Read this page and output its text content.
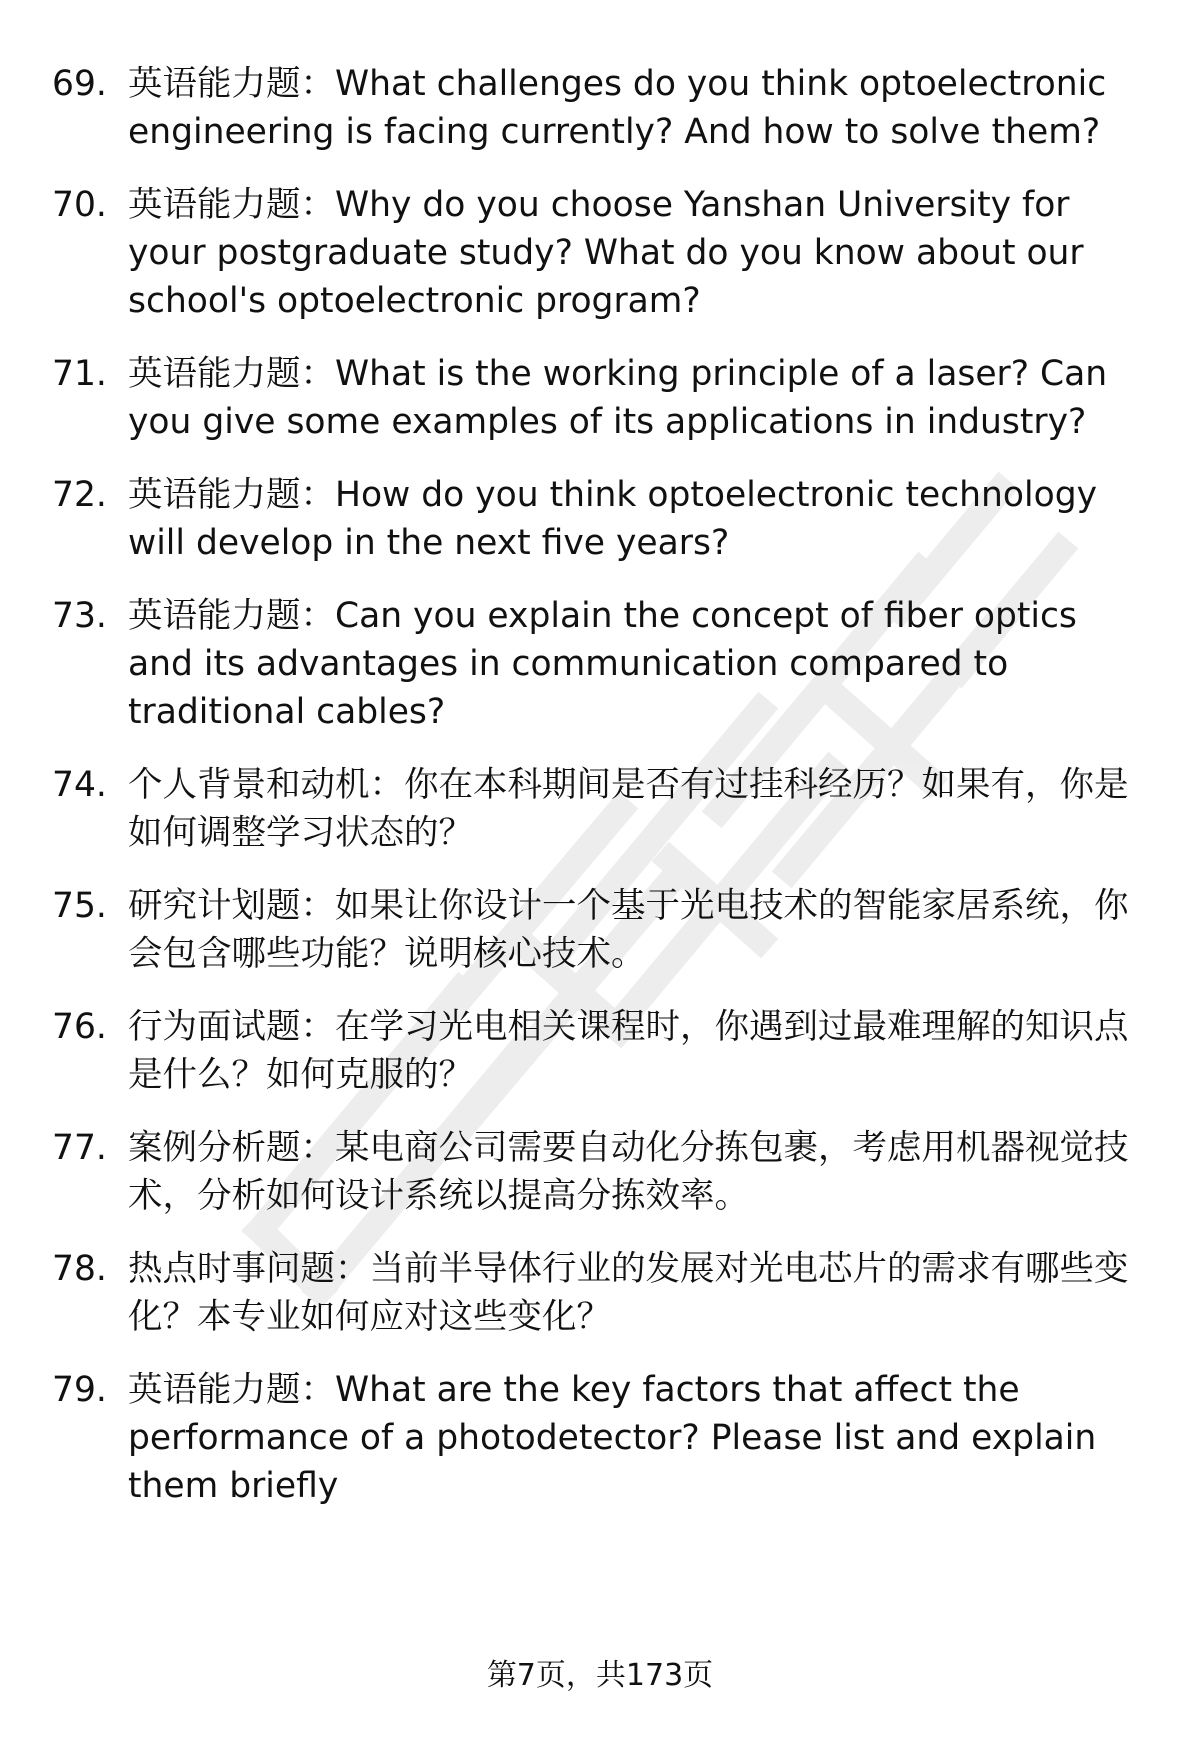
69. 英语能力题：What challenges do you think optoelectronic engineering is facing currently? And how to solve them?
70. 英语能力题：Why do you choose Yanshan University for your postgraduate study? What do you know about our school's optoelectronic program?
71. 英语能力题：What is the working principle of a laser? Can you give some examples of its applications in industry?
72. 英语能力题：How do you think optoelectronic technology will develop in the next five years?
73. 英语能力题：Can you explain the concept of fiber optics and its advantages in communication compared to traditional cables?
74. 个人背景和动机：你在本科期间是否有过挂科经历？如果有，你是如何调整学习状态的？
75. 研究计划题：如果让你设计一个基于光电技术的智能家居系统，你会包含哪些功能？说明核心技术。
76. 行为面试题：在学习光电相关课程时，你遇到过最难理解的知识点是什么？如何克服的？
77. 案例分析题：某电商公司需要自动化分拣包裹，考虑用机器视觉技术，分析如何设计系统以提高分拣效率。
78. 热点时事问题：当前半导体行业的发展对光电芯片的需求有哪些变化？本专业如何应对这些变化？
79. 英语能力题：What are the key factors that affect the performance of a photodetector? Please list and explain them briefly
第7页，共173页
